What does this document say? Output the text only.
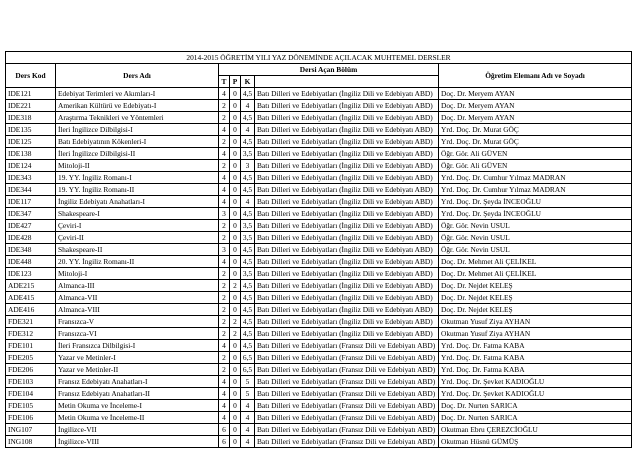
2014-2015 ÖĞRETİM YILI YAZ DÖNEMİNDE AÇILACAK MUHTEMEL DERSLER						
Ders Kod	Ders Adı	Dersi Açan Bölüm				Öğretim Elemanı Adı ve Soyadı
		T	P	K		
IDE121	Edebiyat Terimleri ve Akımları-I	4	0	4,5	Batı Dilleri ve Edebiyatları (İngiliz Dili ve Edebiyatı ABD)	Doç. Dr. Meryem AYAN
IDE221	Amerikan Kültürü ve Edebiyatı-I	2	0	4	Batı Dilleri ve Edebiyatları (İngiliz Dili ve Edebiyatı ABD)	Doç. Dr. Meryem AYAN
IDE318	Araştırma Teknikleri ve Yöntemleri	2	0	4,5	Batı Dilleri ve Edebiyatları (İngiliz Dili ve Edebiyatı ABD)	Doç. Dr. Meryem AYAN
IDE135	İleri İngilizce Dilbilgisi-I	4	0	4	Batı Dilleri ve Edebiyatları (İngiliz Dili ve Edebiyatı ABD)	Yrd. Doç. Dr. Murat GÖÇ
IDE125	Batı Edebiyatının Kökenleri-I	2	0	4,5	Batı Dilleri ve Edebiyatları (İngiliz Dili ve Edebiyatı ABD)	Yrd. Doç. Dr. Murat GÖÇ
IDE138	İleri İngilizce Dilbilgisi-II	4	0	3,5	Batı Dilleri ve Edebiyatları (İngiliz Dili ve Edebiyatı ABD)	Öğr. Gör. Ali GÜVEN
IDE124	Mitoloji-II	2	0	3	Batı Dilleri ve Edebiyatları (İngiliz Dili ve Edebiyatı ABD)	Öğr. Gör. Ali GÜVEN
IDE343	19. YY. İngiliz Romanı-I	4	0	4,5	Batı Dilleri ve Edebiyatları (İngiliz Dili ve Edebiyatı ABD)	Yrd. Doç. Dr. Cumhur Yılmaz MADRAN
IDE344	19. YY. İngiliz Romanı-II	4	0	4,5	Batı Dilleri ve Edebiyatları (İngiliz Dili ve Edebiyatı ABD)	Yrd. Doç. Dr. Cumhur Yılmaz MADRAN
IDE117	İngiliz Edebiyatı Anahatları-I	4	0	4	Batı Dilleri ve Edebiyatları (İngiliz Dili ve Edebiyatı ABD)	Yrd. Doç. Dr. Şeyda İNCEOĞLU
IDE347	Shakespeare-I	3	0	4,5	Batı Dilleri ve Edebiyatları (İngiliz Dili ve Edebiyatı ABD)	Yrd. Doç. Dr. Şeyda İNCEOĞLU
IDE427	Çeviri-I	2	0	3,5	Batı Dilleri ve Edebiyatları (İngiliz Dili ve Edebiyatı ABD)	Öğr. Gör. Nevin USUL
IDE428	Çeviri-II	2	0	3,5	Batı Dilleri ve Edebiyatları (İngiliz Dili ve Edebiyatı ABD)	Öğr. Gör. Nevin USUL
IDE348	Shakespeare-II	3	0	4,5	Batı Dilleri ve Edebiyatları (İngiliz Dili ve Edebiyatı ABD)	Öğr. Gör. Nevin USUL
IDE448	20. YY. İngiliz Romanı-II	4	0	4,5	Batı Dilleri ve Edebiyatları (İngiliz Dili ve Edebiyatı ABD)	Doç. Dr. Mehmet Ali ÇELİKEL
IDE123	Mitoloji-I	2	0	3,5	Batı Dilleri ve Edebiyatları (İngiliz Dili ve Edebiyatı ABD)	Doç. Dr. Mehmet Ali ÇELİKEL
ADE215	Almanca-III	2	2	4,5	Batı Dilleri ve Edebiyatları (İngiliz Dili ve Edebiyatı ABD)	Doç. Dr. Nejdet KELEŞ
ADE415	Almanca-VII	2	0	4,5	Batı Dilleri ve Edebiyatları (İngiliz Dili ve Edebiyatı ABD)	Doç. Dr. Nejdet KELEŞ
ADE416	Almanca-VIII	2	0	4,5	Batı Dilleri ve Edebiyatları (İngiliz Dili ve Edebiyatı ABD)	Doç. Dr. Nejdet KELEŞ
FDE321	Fransızca-V	2	2	4,5	Batı Dilleri ve Edebiyatları (İngiliz Dili ve Edebiyatı ABD)	Okutman Yusuf Ziya AYHAN
FDE312	Fransızca-VI	2	2	4,5	Batı Dilleri ve Edebiyatları (İngiliz Dili ve Edebiyatı ABD)	Okutman Yusuf Ziya AYHAN
FDE101	İleri Fransızca Dilbilgisi-I	4	0	4,5	Batı Dilleri ve Edebiyatları (Fransız Dili ve Edebiyatı ABD)	Yrd. Doç. Dr. Fatma KABA
FDE205	Yazar ve Metinler-I	2	0	6,5	Batı Dilleri ve Edebiyatları (Fransız Dili ve Edebiyatı ABD)	Yrd. Doç. Dr. Fatma KABA
FDE206	Yazar ve Metinler-II	2	0	6,5	Batı Dilleri ve Edebiyatları (Fransız Dili ve Edebiyatı ABD)	Yrd. Doç. Dr. Fatma KABA
FDE103	Fransız Edebiyatı Anahatları-I	4	0	5	Batı Dilleri ve Edebiyatları (Fransız Dili ve Edebiyatı ABD)	Yrd. Doç. Dr. Şevket KADIOĞLU
FDE104	Fransız Edebiyatı Anahatları-II	4	0	5	Batı Dilleri ve Edebiyatları (Fransız Dili ve Edebiyatı ABD)	Yrd. Doç. Dr. Şevket KADIOĞLU
FDE105	Metin Okuma ve İnceleme-I	4	0	4	Batı Dilleri ve Edebiyatları (Fransız Dili ve Edebiyatı ABD)	Doç. Dr. Nurten SARICA
FDE106	Metin Okuma ve İnceleme-II	4	0	4	Batı Dilleri ve Edebiyatları (Fransız Dili ve Edebiyatı ABD)	Doç. Dr. Nurten SARICA
ING107	İngilizce-VII	6	0	4	Batı Dilleri ve Edebiyatları (Fransız Dili ve Edebiyatı ABD)	Okutman Ebru ÇEREZCİOĞLU
ING108	İngilizce-VIII	6	0	4	Batı Dilleri ve Edebiyatları (Fransız Dili ve Edebiyatı ABD)	Okutman Hüsnü GÜMÜŞ
